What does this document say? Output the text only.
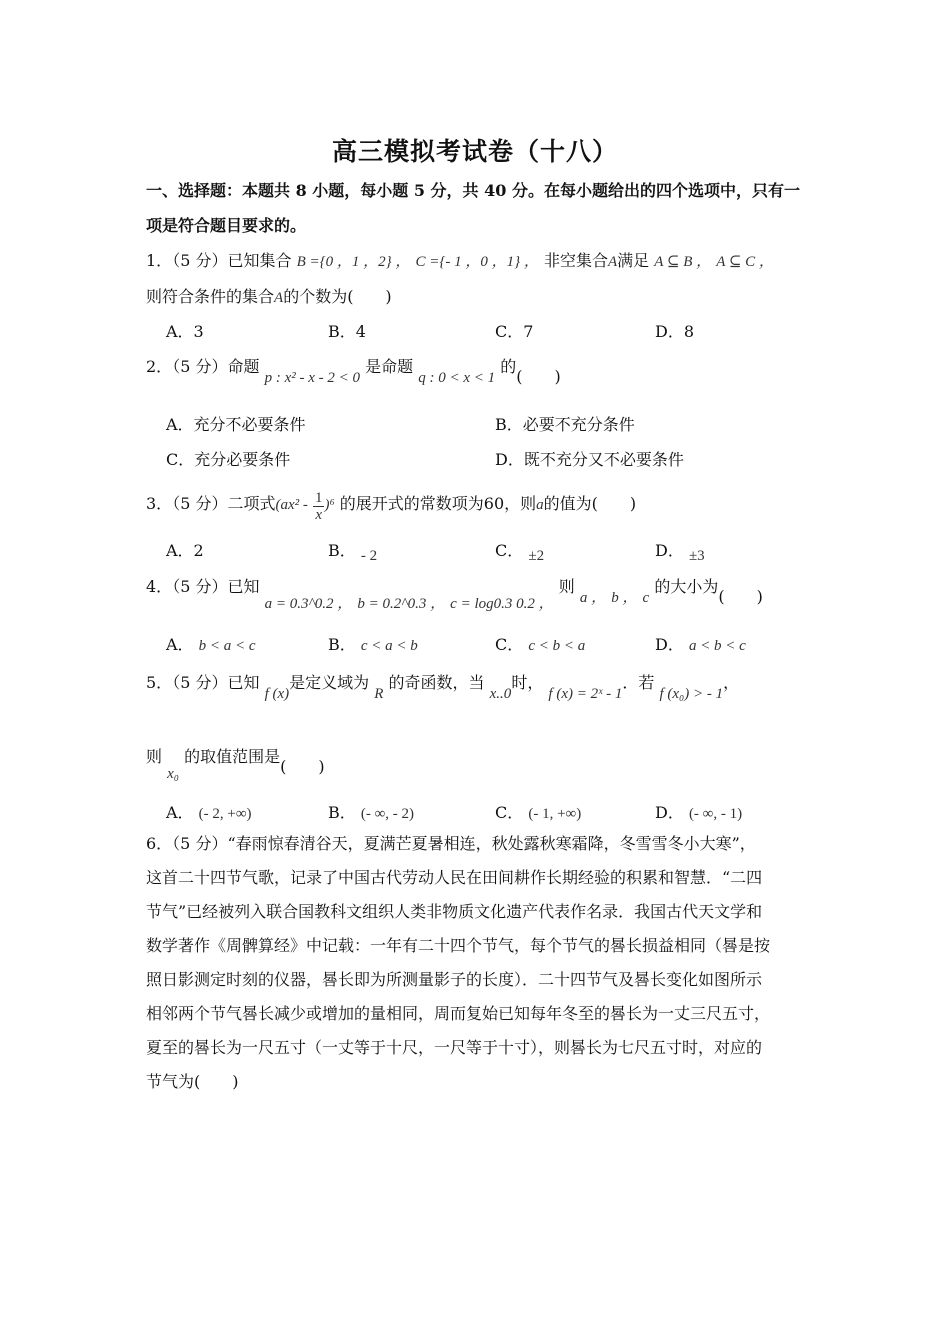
高三模拟考试卷（十八）
一、选择题：本题共 8 小题，每小题 5 分，共 40 分。在每小题给出的四个选项中，只有一
项是符合题目要求的。
1．（5 分）已知集合 B ={0 ，1 ，2} ， C ={- 1 ，0 ，1} ， 非空集合A满足 A ⊆ B ， A ⊆ C ，
则符合条件的集合A的个数为(　　)
A．3	B．4	C．7	D．8
2．（5 分）命题 p : x² - x - 2 < 0 是命题 q : 0 < x < 1 的(　　)
A．充分不必要条件	B．必要不充分条件
C．充分必要条件	D．既不充分又不必要条件
3．（5 分）二项式$(ax^2 - \frac{1}{x} )^6$ 的展开式的常数项为60，则a的值为(　　)
A．2	B． - 2	C． ±2	D． ±3
4．（5 分）已知 a = 0.3^0.2 ， b = 0.2^0.3 ， c = log0.3 0.2 ， 则 a ， b ， c 的大小为(　　)
A． b < a < c	B． c < a < b	C． c < b < a	D． a < b < c
5．（5 分）已知 f (x)是定义域为 R 的奇函数，当 x..0时， f (x) = 2ˣ - 1．若 f (x₀) > - 1，
则 x₀ 的取值范围是(　　)
A． (- 2, +∞)	B． (- ∞, - 2)	C． (- 1, +∞)	D． (- ∞, - 1)
6．（5 分）“春雨惊春清谷天，夏满芒夏暑相连，秋处露秋寒霜降，冬雪雪冬小大寒”，
这首二十四节气歌，记录了中国古代劳动人民在田间耕作长期经验的积累和智慧．“二四
节气”已经被列入联合国教科文组织人类非物质文化遗产代表作名录．我国古代天文学和
数学著作《周髀算经》中记载：一年有二十四个节气，每个节气的晷长损益相同（晷是按
照日影测定时刻的仪器，晷长即为所测量影子的长度）．二十四节气及晷长变化如图所示
相邻两个节气晷长减少或增加的量相同，周而复始已知每年冬至的晷长为一丈三尺五寸，
夏至的晷长为一尺五寸（一丈等于十尺，一尺等于十寸），则晷长为七尺五寸时，对应的
节气为(　　)
